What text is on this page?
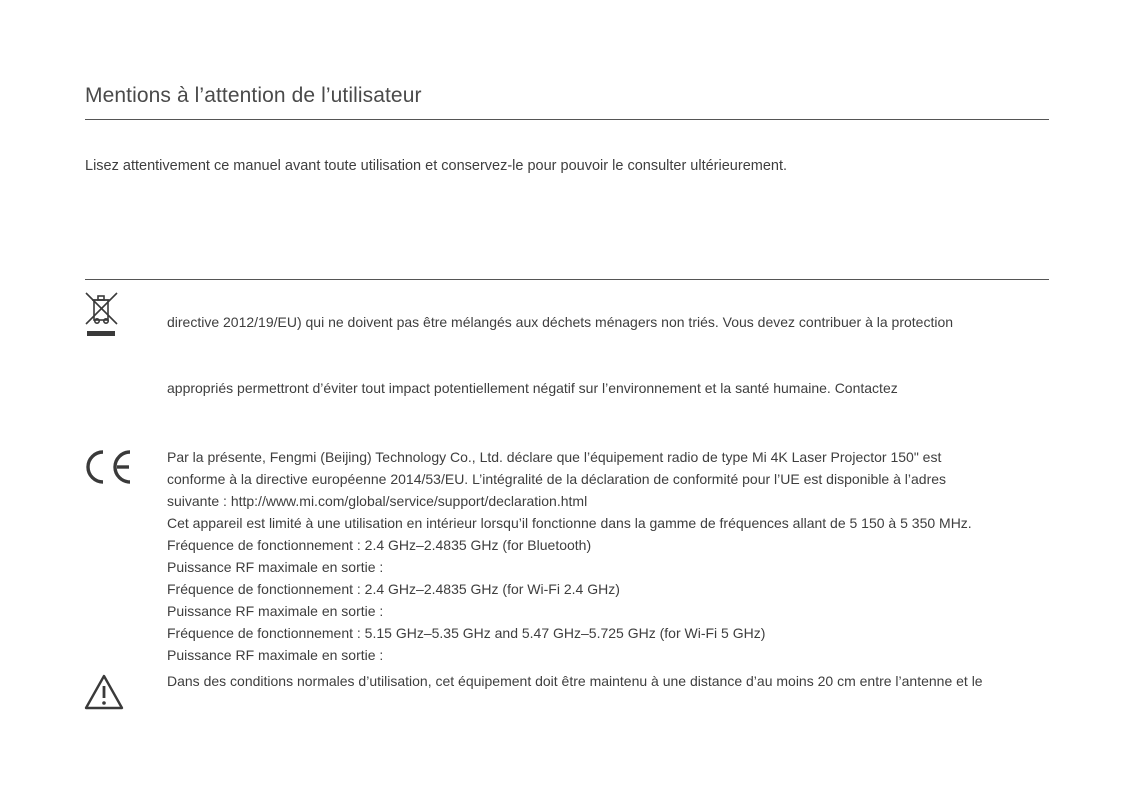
Mentions à l’attention de l’utilisateur
Lisez attentivement ce manuel avant toute utilisation et conservez-le pour pouvoir le consulter ultérieurement.
directive 2012/19/EU) qui ne doivent pas être mélangés aux déchets ménagers non triés. Vous devez contribuer à la protection
appropriés permettront d’éviter tout impact potentiellement négatif sur l’environnement et la santé humaine. Contactez
Par la présente, Fengmi (Beijing) Technology Co., Ltd. déclare que l’équipement radio de type Mi 4K Laser Projector 150" est
conforme à la directive européenne 2014/53/EU. L’intégralité de la déclaration de conformité pour l’UE est disponible à l’adres
suivante : http://www.mi.com/global/service/support/declaration.html
Cet appareil est limité à une utilisation en intérieur lorsqu’il fonctionne dans la gamme de fréquences allant de 5 150 à 5 350 MHz.
Fréquence de fonctionnement : 2.4 GHz–2.4835 GHz (for Bluetooth)
Puissance RF maximale en sortie :
Fréquence de fonctionnement : 2.4 GHz–2.4835 GHz (for Wi-Fi 2.4 GHz)
Puissance RF maximale en sortie :
Fréquence de fonctionnement : 5.15 GHz–5.35 GHz and 5.47 GHz–5.725 GHz (for Wi-Fi 5 GHz)
Puissance RF maximale en sortie :
Dans des conditions normales d’utilisation, cet équipement doit être maintenu à une distance d’au moins 20 cm entre l’antenne et le
